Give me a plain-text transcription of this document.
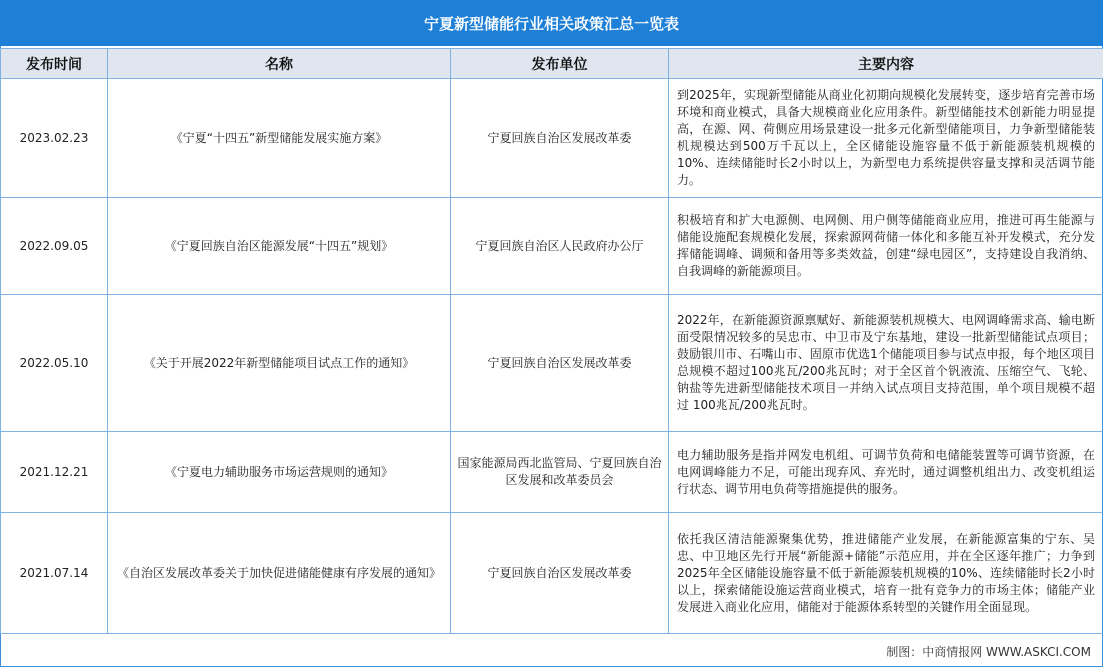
宁夏新型储能行业相关政策汇总一览表
发布时间	名称	发布单位	主要内容
2023.02.23	《宁夏“十四五”新型储能发展实施方案》	宁夏回族自治区发展改革委	到2025年，实现新型储能从商业化初期向规模化发展转变，逐步培育完善市场环境和商业模式，具备大规模商业化应用条件。新型储能技术创新能力明显提高，在源、网、荷侧应用场景建设一批多元化新型储能项目，力争新型储能装机规模达到500万千瓦以上，全区储能设施容量不低于新能源装机规模的10%、连续储能时长2小时以上，为新型电力系统提供容量支撑和灵活调节能力。
2022.09.05	《宁夏回族自治区能源发展“十四五”规划》	宁夏回族自治区人民政府办公厅	积极培育和扩大电源侧、电网侧、用户侧等储能商业应用，推进可再生能源与储能设施配套规模化发展，探索源网荷储一体化和多能互补开发模式，充分发挥储能调峰、调频和备用等多类效益，创建“绿电园区”，支持建设自我消纳、自我调峰的新能源项目。
2022.05.10	《关于开展2022年新型储能项目试点工作的通知》	宁夏回族自治区发展改革委	2022年，在新能源资源禀赋好、新能源装机规模大、电网调峰需求高、输电断面受限情况较多的吴忠市、中卫市及宁东基地，建设一批新型储能试点项目；鼓励银川市、石嘴山市、固原市优选1个储能项目参与试点申报，每个地区项目总规模不超过100兆瓦/200兆瓦时；对于全区首个钒液流、压缩空气、飞轮、钠盐等先进新型储能技术项目一并纳入试点项目支持范围，单个项目规模不超过 100兆瓦/200兆瓦时。
2021.12.21	《宁夏电力辅助服务市场运营规则的通知》	国家能源局西北监管局、宁夏回族自治区发展和改革委员会	电力辅助服务是指并网发电机组、可调节负荷和电储能装置等可调节资源，在电网调峰能力不足，可能出现弃风、弃光时，通过调整机组出力、改变机组运行状态、调节用电负荷等措施提供的服务。
2021.07.14	《自治区发展改革委关于加快促进储能健康有序发展的通知》	宁夏回族自治区发展改革委	依托我区清洁能源聚集优势，推进储能产业发展，在新能源富集的宁东、吴忠、中卫地区先行开展“新能源+储能”示范应用，并在全区逐年推广；力争到2025年全区储能设施容量不低于新能源装机规模的10%、连续储能时长2小时以上，探索储能设施运营商业模式，培育一批有竞争力的市场主体；储能产业发展进入商业化应用，储能对于能源体系转型的关键作用全面显现。
制图：中商情报网 WWW.ASKCI.COM
